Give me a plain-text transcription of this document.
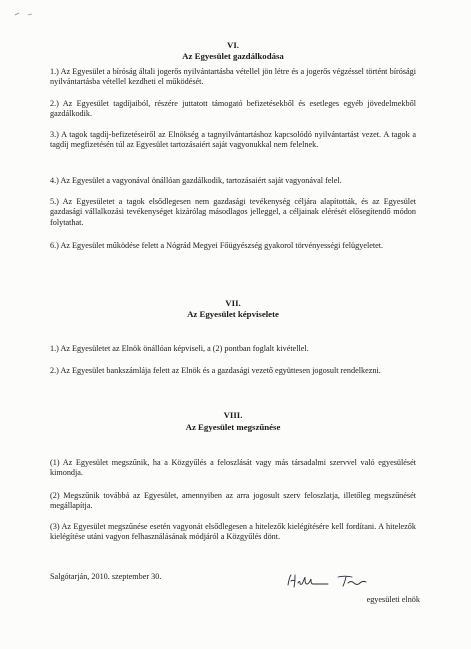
VI.
Az Egyesület gazdálkodása

1.) Az Egyesület a bíróság általi jogerős nyilvántartásba vétellel jön létre és a jogerős végzéssel történt bírósági nyilvántartásba vétellel kezdheti el működését.

2.) Az Egyesület tagdíjaiból, részére juttatott támogató befizetésekből és esetleges egyéb jövedelmekből gazdálkodik.

3.) A tagok tagdíj-befizetéseiről az Elnökség a tagnyilvántartáshoz kapcsolódó nyilvántartást vezet. A tagok a tagdíj megfizetésén túl az Egyesület tartozásaiért saját vagyonukkal nem felelnek.

4.) Az Egyesület a vagyonával önállóan gazdálkodik, tartozásaiért saját vagyonával felel.

5.) Az Egyesületet a tagok elsődlegesen nem gazdasági tevékenység céljára alapították, és az Egyesület gazdasági vállalkozási tevékenységet kizárólag másodlagos jelleggel, a céljainak elérését elősegítendő módon folytathat.

6.) Az Egyesület működése felett a Nógrád Megyei Főügyészség gyakorol törvényességi felügyeletet.

VII.
Az Egyesület képviselete

1.) Az Egyesületet az Elnök önállóan képviseli, a (2) pontban foglalt kivétellel.

2.) Az Egyesület bankszámlája felett az Elnök és a gazdasági vezető együttesen jogosult rendelkezni.

VIII.
Az Egyesület megszűnése

(1) Az Egyesület megszűnik, ha a Közgyűlés a feloszlását vagy más társadalmi szervvel való egyesülését kimondja.

(2) Megszűnik továbbá az Egyesület, amennyiben az arra jogosult szerv feloszlatja, illetőleg megszűnését megállapítja.

(3) Az Egyesület megszűnése esetén vagyonát elsődlegesen a hitelezők kielégítésére kell fordítani. A hitelezők kielégítése utáni vagyon felhasználásának módjáról a Közgyűlés dönt.

Salgótarján, 2010. szeptember 30.
egyesületi elnök
